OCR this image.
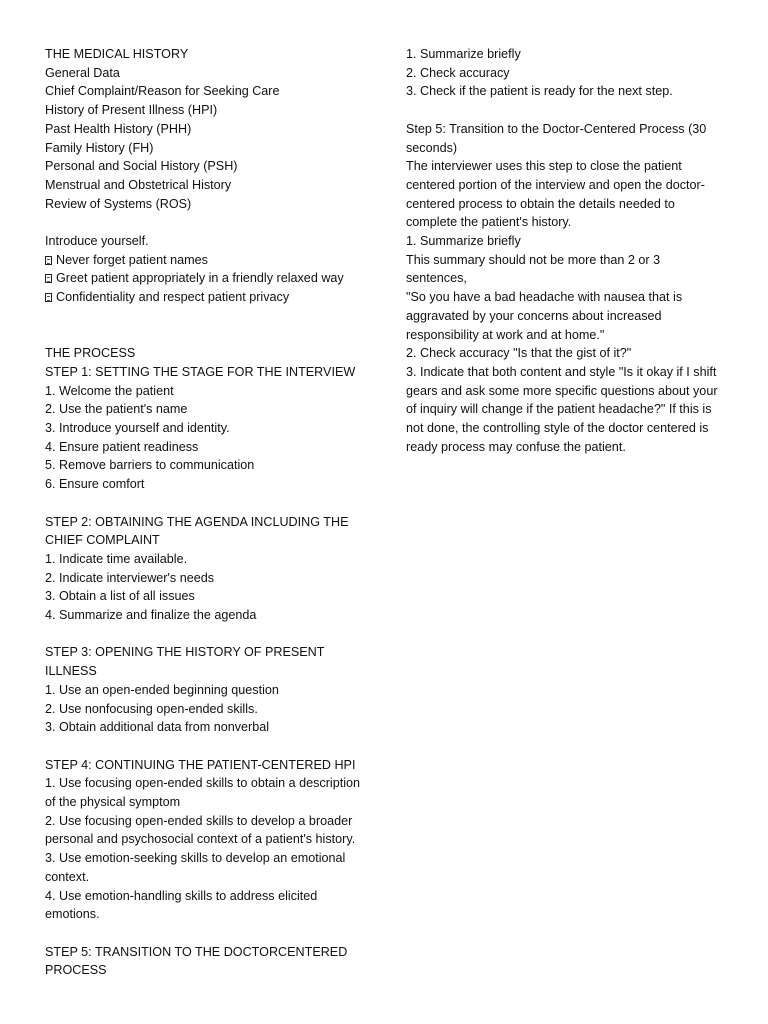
THE MEDICAL HISTORY
General Data
Chief Complaint/Reason for Seeking Care
History of Present Illness (HPI)
Past Health History (PHH)
Family History (FH)
Personal and Social History (PSH)
Menstrual and Obstetrical History
Review of Systems (ROS)
Introduce yourself.
Never forget patient names
Greet patient appropriately in a friendly relaxed way
Confidentiality and respect patient privacy
THE PROCESS
STEP 1: SETTING THE STAGE FOR THE INTERVIEW
1. Welcome the patient
2. Use the patient's name
3. Introduce yourself and identity.
4. Ensure patient readiness
5. Remove barriers to communication
6. Ensure comfort
STEP 2: OBTAINING THE AGENDA INCLUDING THE CHIEF COMPLAINT
1. Indicate time available.
2. Indicate interviewer's needs
3. Obtain a list of all issues
4. Summarize and finalize the agenda
STEP 3: OPENING THE HISTORY OF PRESENT ILLNESS
1. Use an open-ended beginning question
2. Use nonfocusing open-ended skills.
3. Obtain additional data from nonverbal
STEP 4: CONTINUING THE PATIENT-CENTERED HPI
1. Use focusing open-ended skills to obtain a description of the physical symptom
2. Use focusing open-ended skills to develop a broader personal and psychosocial context of a patient's history.
3. Use emotion-seeking skills to develop an emotional context.
4. Use emotion-handling skills to address elicited emotions.
STEP 5: TRANSITION TO THE DOCTORCENTERED PROCESS
1. Summarize briefly
2. Check accuracy
3. Check if the patient is ready for the next step.
Step 5: Transition to the Doctor-Centered Process (30 seconds)
The interviewer uses this step to close the patient centered portion of the interview and open the doctor-centered process to obtain the details needed to complete the patient's history.
1. Summarize briefly
This summary should not be more than 2 or 3 sentences,
"So you have a bad headache with nausea that is aggravated by your concerns about increased responsibility at work and at home."
2. Check accuracy "Is that the gist of it?"
3. Indicate that both content and style "Is it okay if I shift gears and ask some more specific questions about your of inquiry will change if the patient headache?" If this is not done, the controlling style of the doctor centered is ready process may confuse the patient.
